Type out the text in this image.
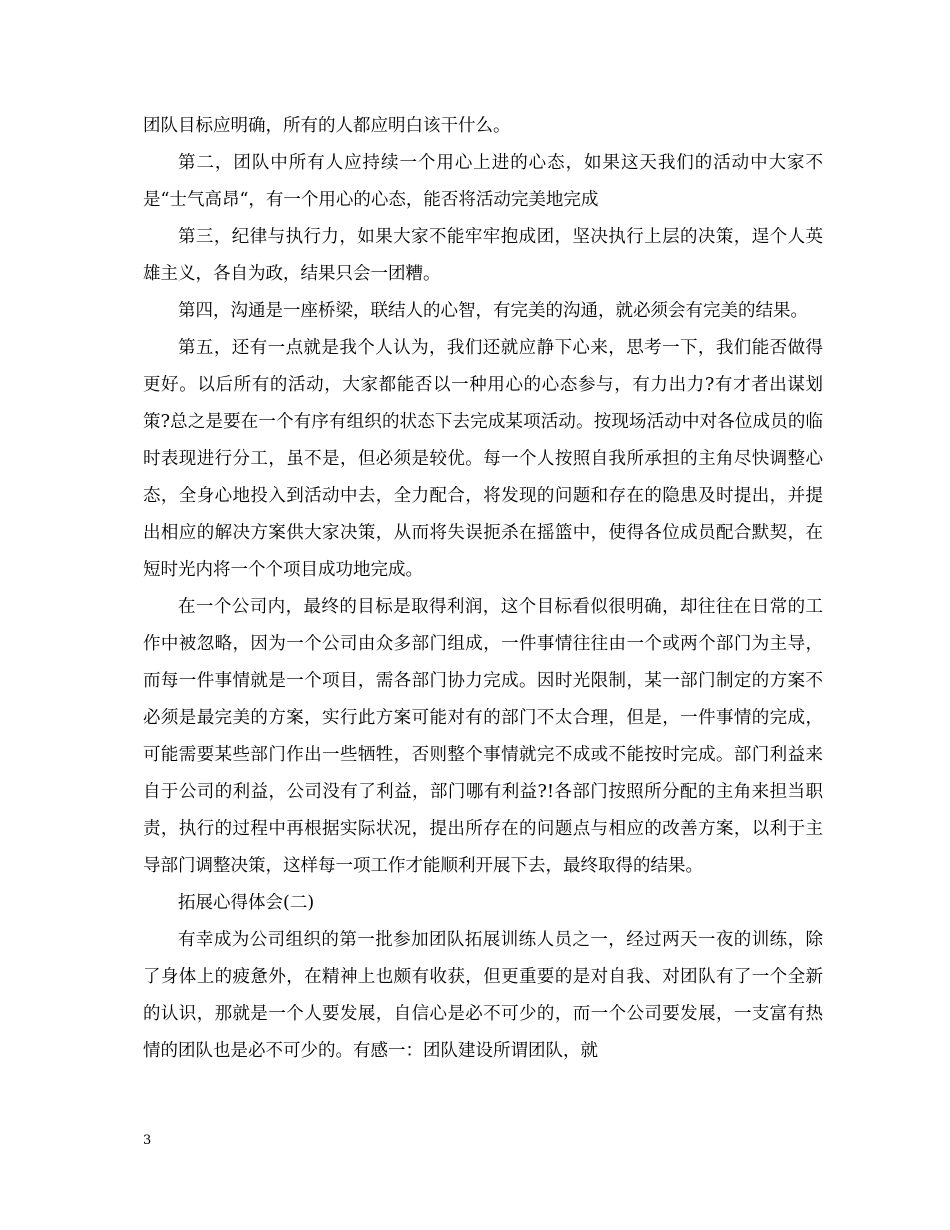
团队目标应明确，所有的人都应明白该干什么。

第二，团队中所有人应持续一个用心上进的心态，如果这天我们的活动中大家不是“士气高昂“，有一个用心的心态，能否将活动完美地完成

第三，纪律与执行力，如果大家不能牢牢抱成团，坚决执行上层的决策，逞个人英雄主义，各自为政，结果只会一团糟。

第四，沟通是一座桥梁，联结人的心智，有完美的沟通，就必须会有完美的结果。

第五，还有一点就是我个人认为，我们还就应静下心来，思考一下，我们能否做得更好。以后所有的活动，大家都能否以一种用心的心态参与，有力出力?有才者出谋划策?总之是要在一个有序有组织的状态下去完成某项活动。按现场活动中对各位成员的临时表现进行分工，虽不是，但必须是较优。每一个人按照自我所承担的主角尽快调整心态，全身心地投入到活动中去，全力配合，将发现的问题和存在的隐患及时提出，并提出相应的解决方案供大家决策，从而将失误扼杀在摇篮中，使得各位成员配合默契，在短时光内将一个个项目成功地完成。

在一个公司内，最终的目标是取得利润，这个目标看似很明确，却往往在日常的工作中被忽略，因为一个公司由众多部门组成，一件事情往往由一个或两个部门为主导，而每一件事情就是一个项目，需各部门协力完成。因时光限制，某一部门制定的方案不必须是最完美的方案，实行此方案可能对有的部门不太合理，但是，一件事情的完成，可能需要某些部门作出一些牺牲，否则整个事情就完不成或不能按时完成。部门利益来自于公司的利益，公司没有了利益，部门哪有利益?!各部门按照所分配的主角来担当职责，执行的过程中再根据实际状况，提出所存在的问题点与相应的改善方案，以利于主导部门调整决策，这样每一项工作才能顺利开展下去，最终取得的结果。

拓展心得体会(二)

有幸成为公司组织的第一批参加团队拓展训练人员之一，经过两天一夜的训练，除了身体上的疲惫外，在精神上也颇有收获，但更重要的是对自我、对团队有了一个全新的认识，那就是一个人要发展，自信心是必不可少的，而一个公司要发展，一支富有热情的团队也是必不可少的。有感一：团队建设所谓团队，就

3
